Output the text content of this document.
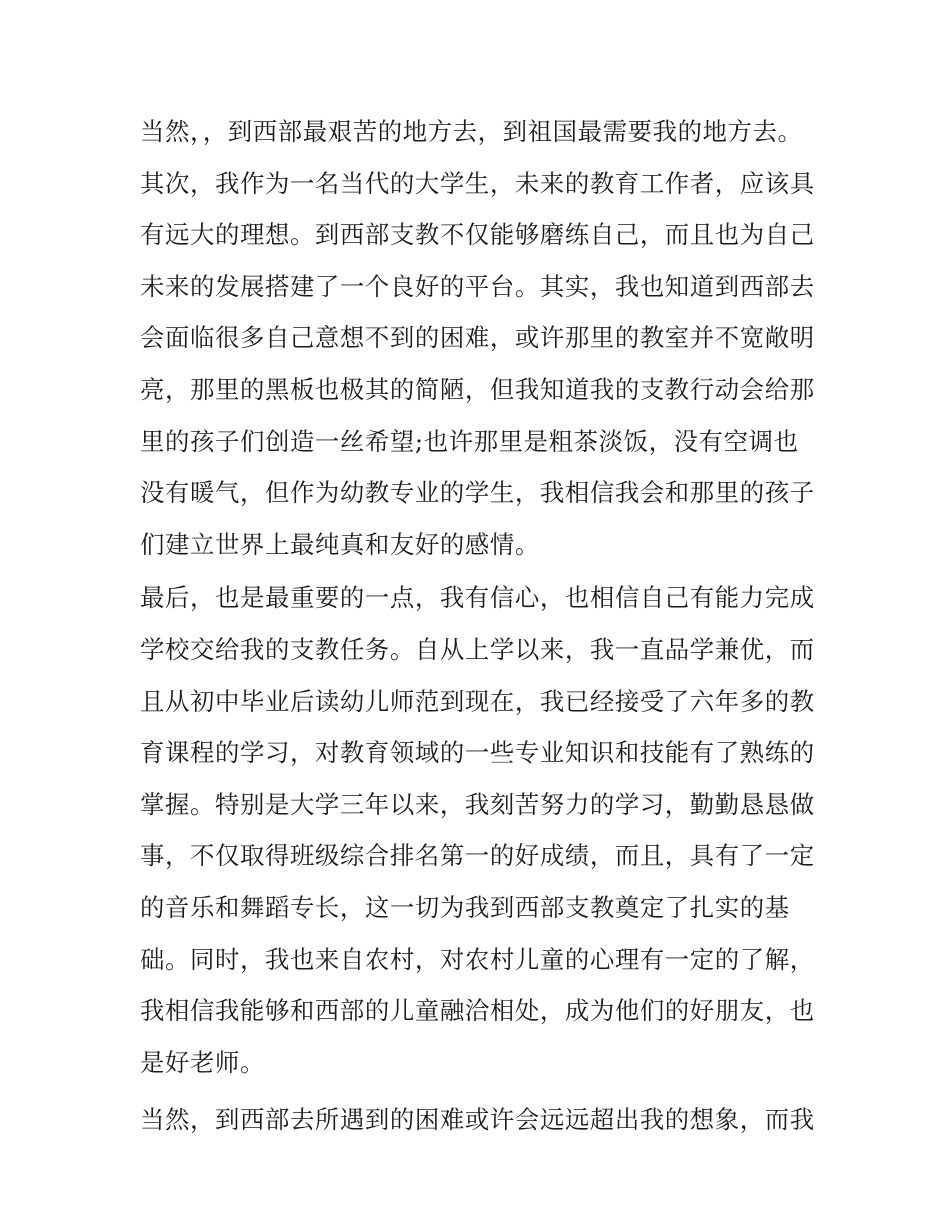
当然，，到西部最艰苦的地方去，到祖国最需要我的地方去。
其次，我作为一名当代的大学生，未来的教育工作者，应该具
有远大的理想。到西部支教不仅能够磨练自己，而且也为自己
未来的发展搭建了一个良好的平台。其实，我也知道到西部去
会面临很多自己意想不到的困难，或许那里的教室并不宽敞明
亮，那里的黑板也极其的简陋，但我知道我的支教行动会给那
里的孩子们创造一丝希望;也许那里是粗茶淡饭，没有空调也
没有暖气，但作为幼教专业的学生，我相信我会和那里的孩子
们建立世界上最纯真和友好的感情。
最后，也是最重要的一点，我有信心，也相信自己有能力完成
学校交给我的支教任务。自从上学以来，我一直品学兼优，而
且从初中毕业后读幼儿师范到现在，我已经接受了六年多的教
育课程的学习，对教育领域的一些专业知识和技能有了熟练的
掌握。特别是大学三年以来，我刻苦努力的学习，勤勤恳恳做
事，不仅取得班级综合排名第一的好成绩，而且，具有了一定
的音乐和舞蹈专长，这一切为我到西部支教奠定了扎实的基
础。同时，我也来自农村，对农村儿童的心理有一定的了解，
我相信我能够和西部的儿童融洽相处，成为他们的好朋友，也
是好老师。
当然，到西部去所遇到的困难或许会远远超出我的想象，而我
